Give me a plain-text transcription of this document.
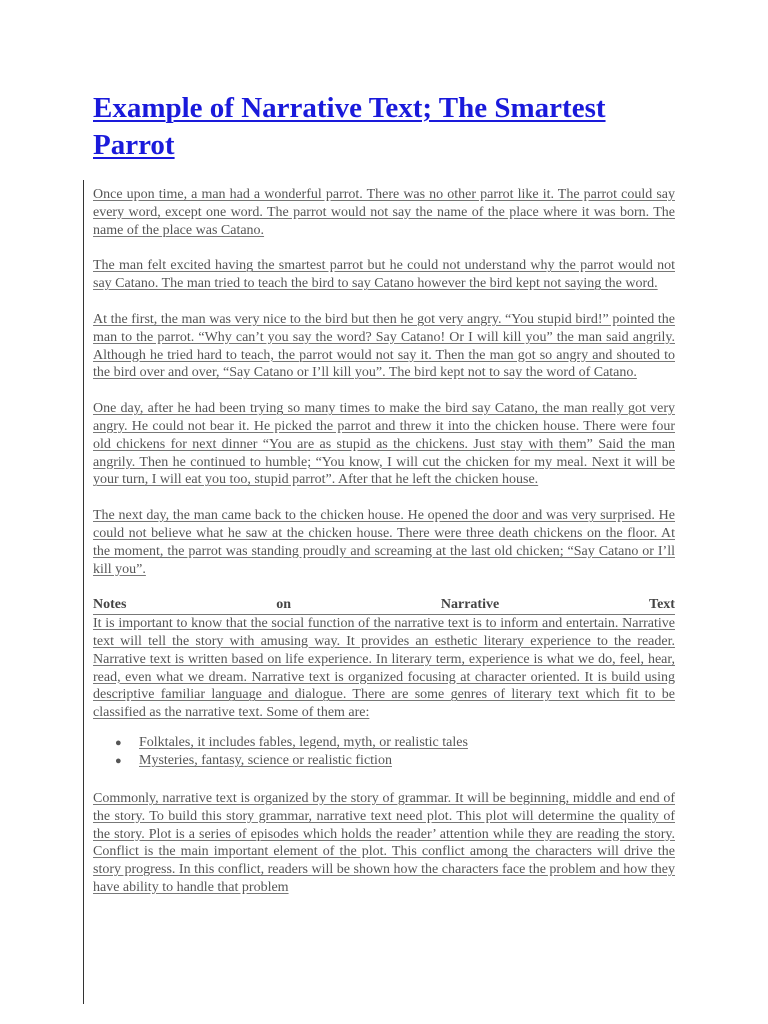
Example of Narrative Text; The Smartest Parrot

Once upon time, a man had a wonderful parrot. There was no other parrot like it. The parrot could say every word, except one word. The parrot would not say the name of the place where it was born. The name of the place was Catano.

The man felt excited having the smartest parrot but he could not understand why the parrot would not say Catano. The man tried to teach the bird to say Catano however the bird kept not saying the word.

At the first, the man was very nice to the bird but then he got very angry. “You stupid bird!” pointed the man to the parrot. “Why can’t you say the word? Say Catano! Or I will kill you” the man said angrily. Although he tried hard to teach, the parrot would not say it. Then the man got so angry and shouted to the bird over and over, “Say Catano or I’ll kill you”. The bird kept not to say the word of Catano.

One day, after he had been trying so many times to make the bird say Catano, the man really got very angry. He could not bear it. He picked the parrot and threw it into the chicken house. There were four old chickens for next dinner “You are as stupid as the chickens. Just stay with them” Said the man angrily. Then he continued to humble; “You know, I will cut the chicken for my meal. Next it will be your turn, I will eat you too, stupid parrot”. After that he left the chicken house.

The next day, the man came back to the chicken house. He opened the door and was very surprised. He could not believe what he saw at the chicken house. There were three death chickens on the floor. At the moment, the parrot was standing proudly and screaming at the last old chicken; “Say Catano or I’ll kill you”.

Notes	on	Narrative	Text

It is important to know that the social function of the narrative text is to inform and entertain. Narrative text will tell the story with amusing way. It provides an esthetic literary experience to the reader. Narrative text is written based on life experience. In literary term, experience is what we do, feel, hear, read, even what we dream. Narrative text is organized focusing at character oriented. It is build using descriptive familiar language and dialogue. There are some genres of literary text which fit to be classified as the narrative text. Some of them are:

● Folktales, it includes fables, legend, myth, or realistic tales
● Mysteries, fantasy, science or realistic fiction

Commonly, narrative text is organized by the story of grammar. It will be beginning, middle and end of the story. To build this story grammar, narrative text need plot. This plot will determine the quality of the story. Plot is a series of episodes which holds the reader’ attention while they are reading the story. Conflict is the main important element of the plot. This conflict among the characters will drive the story progress. In this conflict, readers will be shown how the characters face the problem and how they have ability to handle that problem
